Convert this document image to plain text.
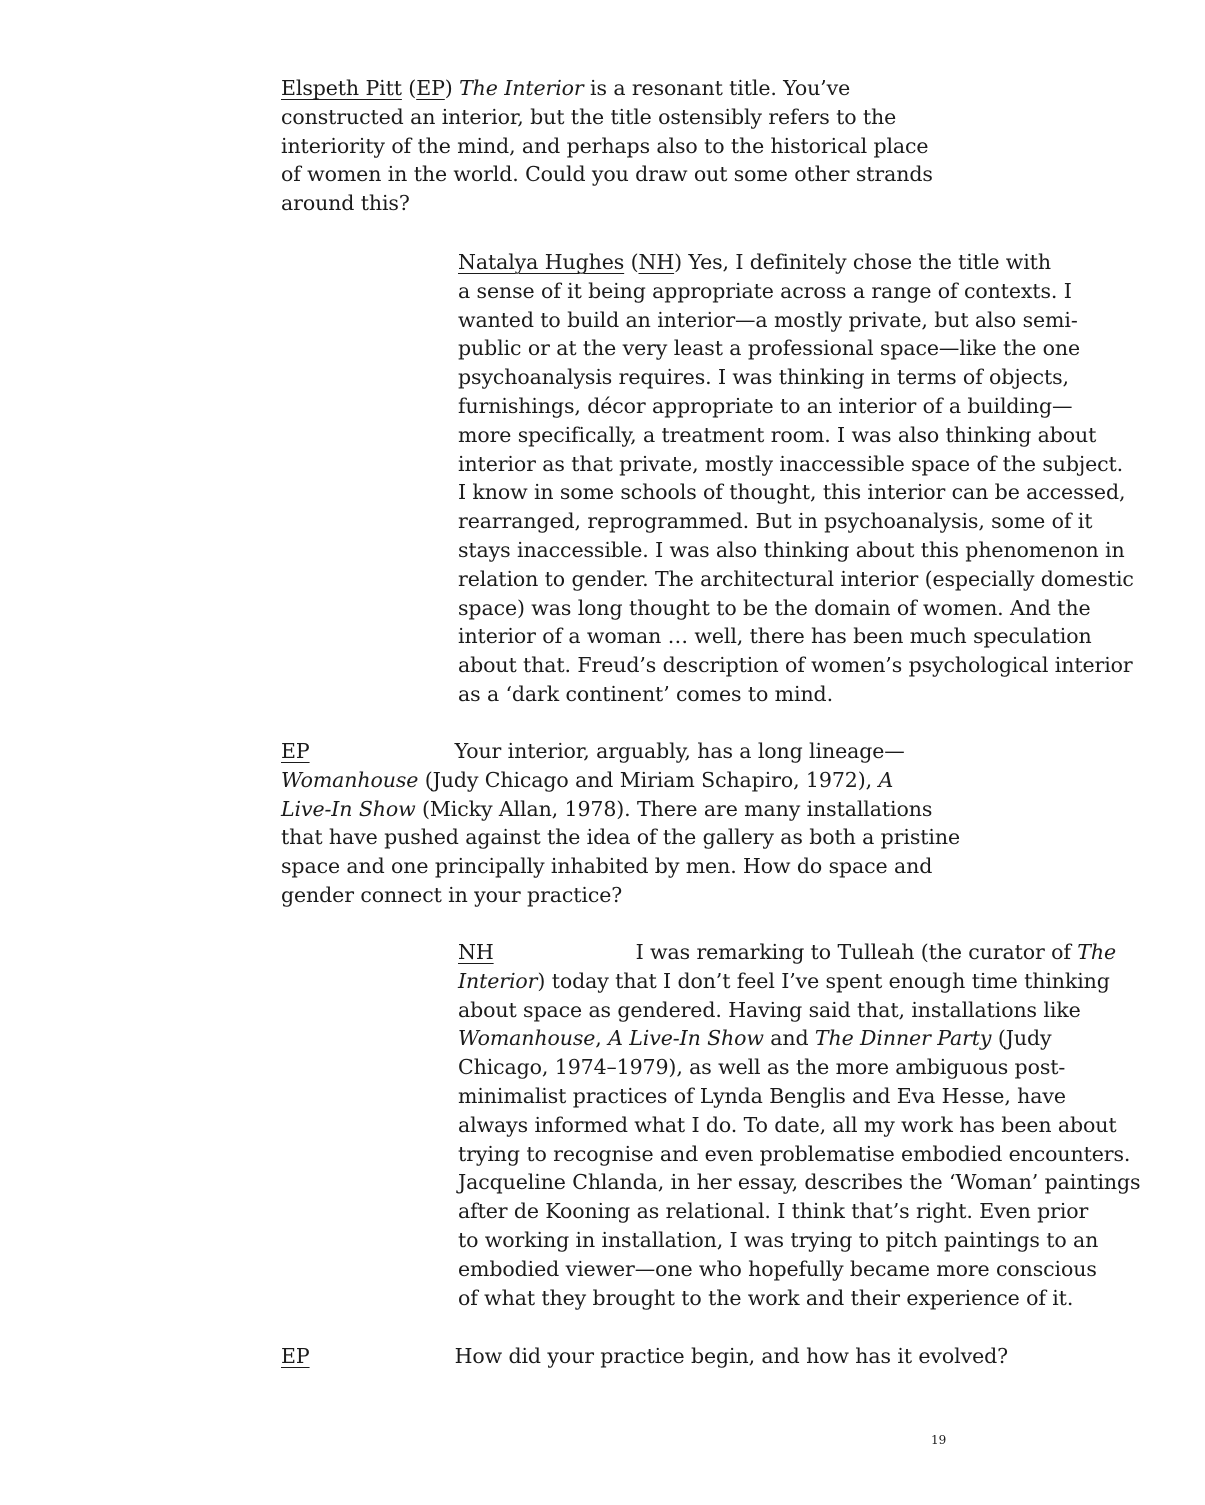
Elspeth Pitt (EP) The Interior is a resonant title. You’ve
constructed an interior, but the title ostensibly refers to the
interiority of the mind, and perhaps also to the historical place
of women in the world. Could you draw out some other strands
around this?
Natalya Hughes (NH) Yes, I definitely chose the title with
a sense of it being appropriate across a range of contexts. I
wanted to build an interior—a mostly private, but also semi-
public or at the very least a professional space—like the one
psychoanalysis requires. I was thinking in terms of objects,
furnishings, décor appropriate to an interior of a building—
more specifically, a treatment room. I was also thinking about
interior as that private, mostly inaccessible space of the subject.
I know in some schools of thought, this interior can be accessed,
rearranged, reprogrammed. But in psychoanalysis, some of it
stays inaccessible. I was also thinking about this phenomenon in
relation to gender. The architectural interior (especially domestic
space) was long thought to be the domain of women. And the
interior of a woman … well, there has been much speculation
about that. Freud’s description of women’s psychological interior
as a ‘dark continent’ comes to mind.
EP	Your interior, arguably, has a long lineage—
Womanhouse (Judy Chicago and Miriam Schapiro, 1972), A
Live-In Show (Micky Allan, 1978). There are many installations
that have pushed against the idea of the gallery as both a pristine
space and one principally inhabited by men. How do space and
gender connect in your practice?
NH	I was remarking to Tulleah (the curator of The
Interior) today that I don’t feel I’ve spent enough time thinking
about space as gendered. Having said that, installations like
Womanhouse, A Live-In Show and The Dinner Party (Judy
Chicago, 1974–1979), as well as the more ambiguous post-
minimalist practices of Lynda Benglis and Eva Hesse, have
always informed what I do. To date, all my work has been about
trying to recognise and even problematise embodied encounters.
Jacqueline Chlanda, in her essay, describes the ‘Woman’ paintings
after de Kooning as relational. I think that’s right. Even prior
to working in installation, I was trying to pitch paintings to an
embodied viewer—one who hopefully became more conscious
of what they brought to the work and their experience of it.
EP	How did your practice begin, and how has it evolved?
19
